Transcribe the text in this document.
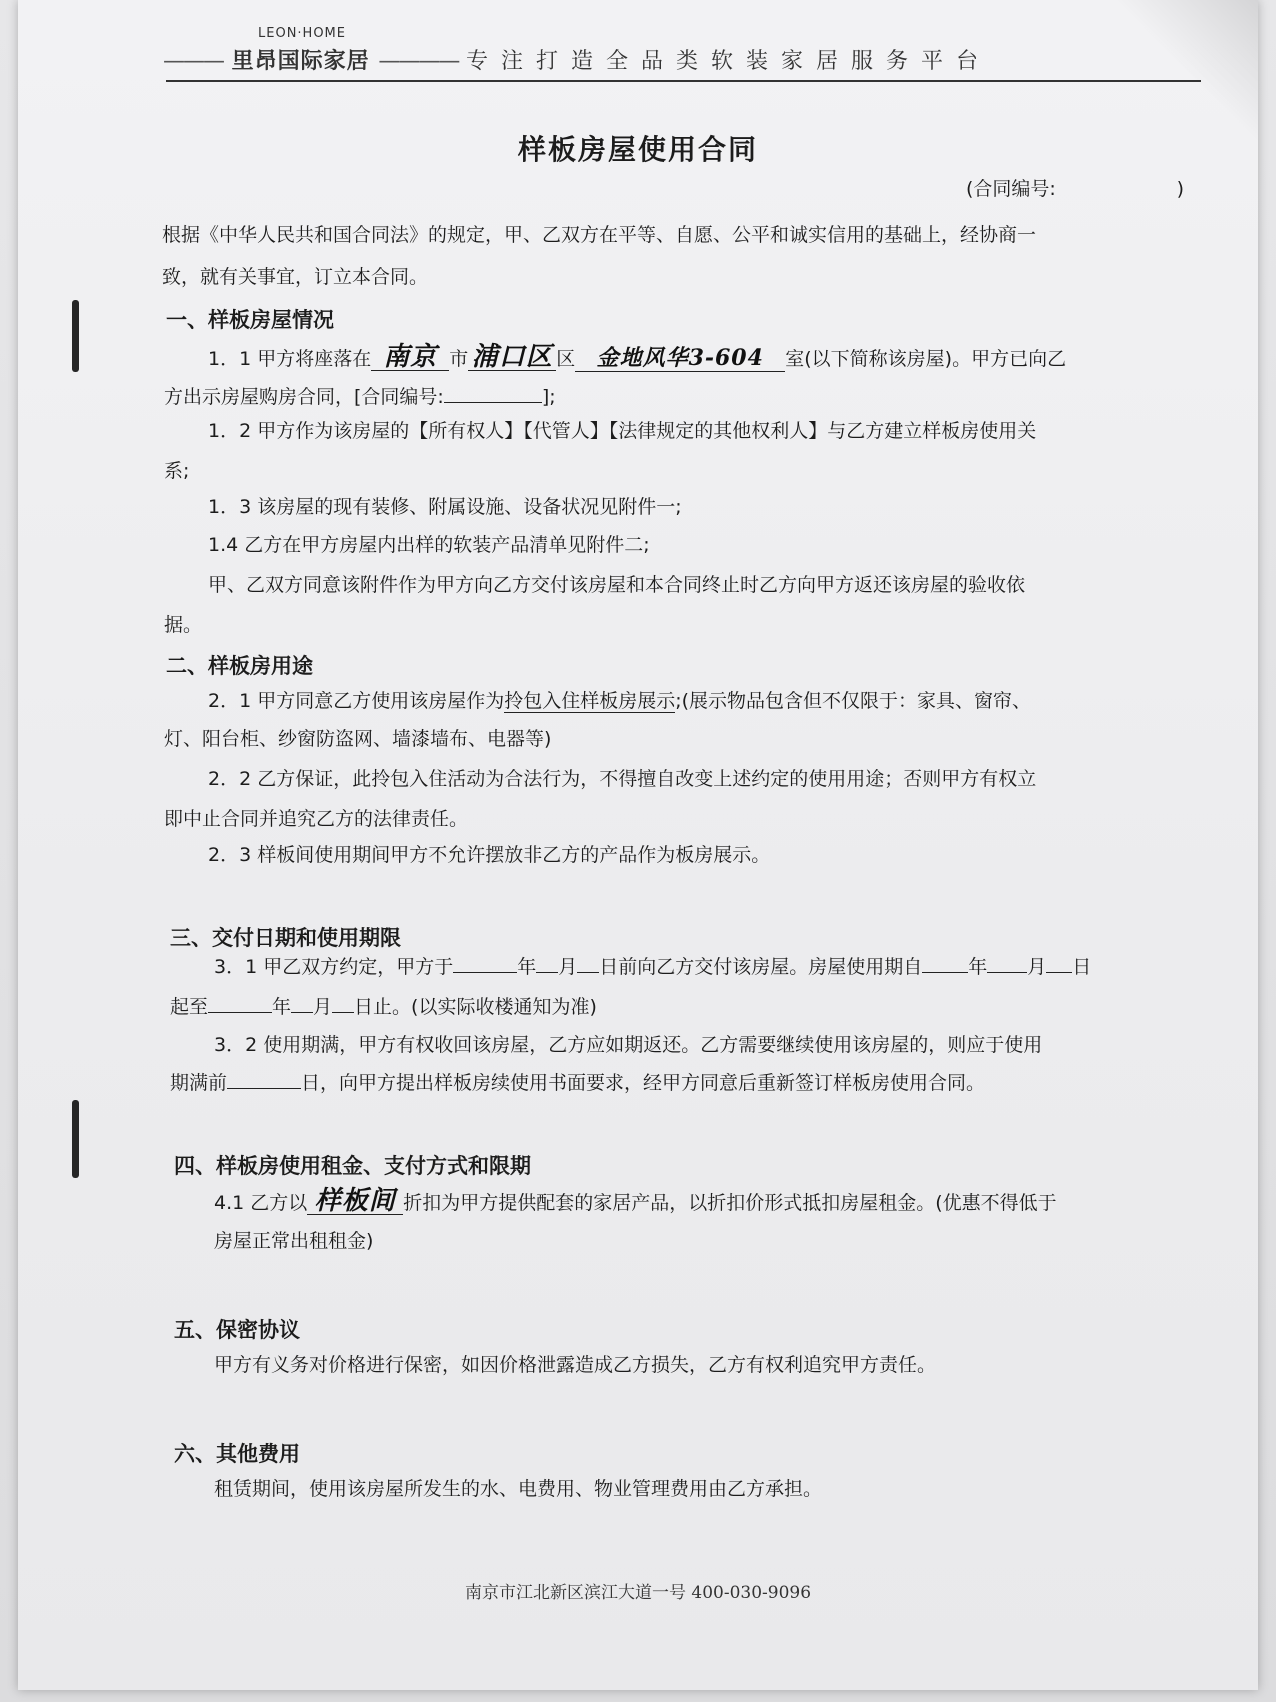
LEON·HOME
——— 里昂国际家居 ———— 专注打造全品类软装家居服务平台
样板房屋使用合同
(合同编号:                    )
根据《中华人民共和国合同法》的规定，甲、乙双方在平等、自愿、公平和诚实信用的基础上，经协商一
致，就有关事宜，订立本合同。
一、样板房屋情况
1．1 甲方将座落在 南京 市 浦口区 区 金地风华3-604 室(以下简称该房屋)。甲方已向乙
方出示房屋购房合同，[合同编号:	];
1．2 甲方作为该房屋的【所有权人】【代管人】【法律规定的其他权利人】与乙方建立样板房使用关
系;
1．3 该房屋的现有装修、附属设施、设备状况见附件一;
1.4 乙方在甲方房屋内出样的软装产品清单见附件二;
甲、乙双方同意该附件作为甲方向乙方交付该房屋和本合同终止时乙方向甲方返还该房屋的验收依
据。
二、样板房用途
2．1 甲方同意乙方使用该房屋作为拎包入住样板房展示;(展示物品包含但不仅限于：家具、窗帘、
灯、阳台柜、纱窗防盗网、墙漆墙布、电器等)
2．2 乙方保证，此拎包入住活动为合法行为，不得擅自改变上述约定的使用用途；否则甲方有权立
即中止合同并追究乙方的法律责任。
2．3 样板间使用期间甲方不允许摆放非乙方的产品作为板房展示。
三、交付日期和使用期限
3．1 甲乙双方约定，甲方于	年 月 日前向乙方交付该房屋。房屋使用期自 年 月 日
起至	年 月 日止。(以实际收楼通知为准)
3．2 使用期满，甲方有权收回该房屋，乙方应如期返还。乙方需要继续使用该房屋的，则应于使用
期满前	日，向甲方提出样板房续使用书面要求，经甲方同意后重新签订样板房使用合同。
四、样板房使用租金、支付方式和限期
4.1 乙方以 样板间 折扣为甲方提供配套的家居产品，以折扣价形式抵扣房屋租金。(优惠不得低于
房屋正常出租租金)
五、保密协议
甲方有义务对价格进行保密，如因价格泄露造成乙方损失，乙方有权利追究甲方责任。
六、其他费用
租赁期间，使用该房屋所发生的水、电费用、物业管理费用由乙方承担。
南京市江北新区滨江大道一号 400-030-9096
